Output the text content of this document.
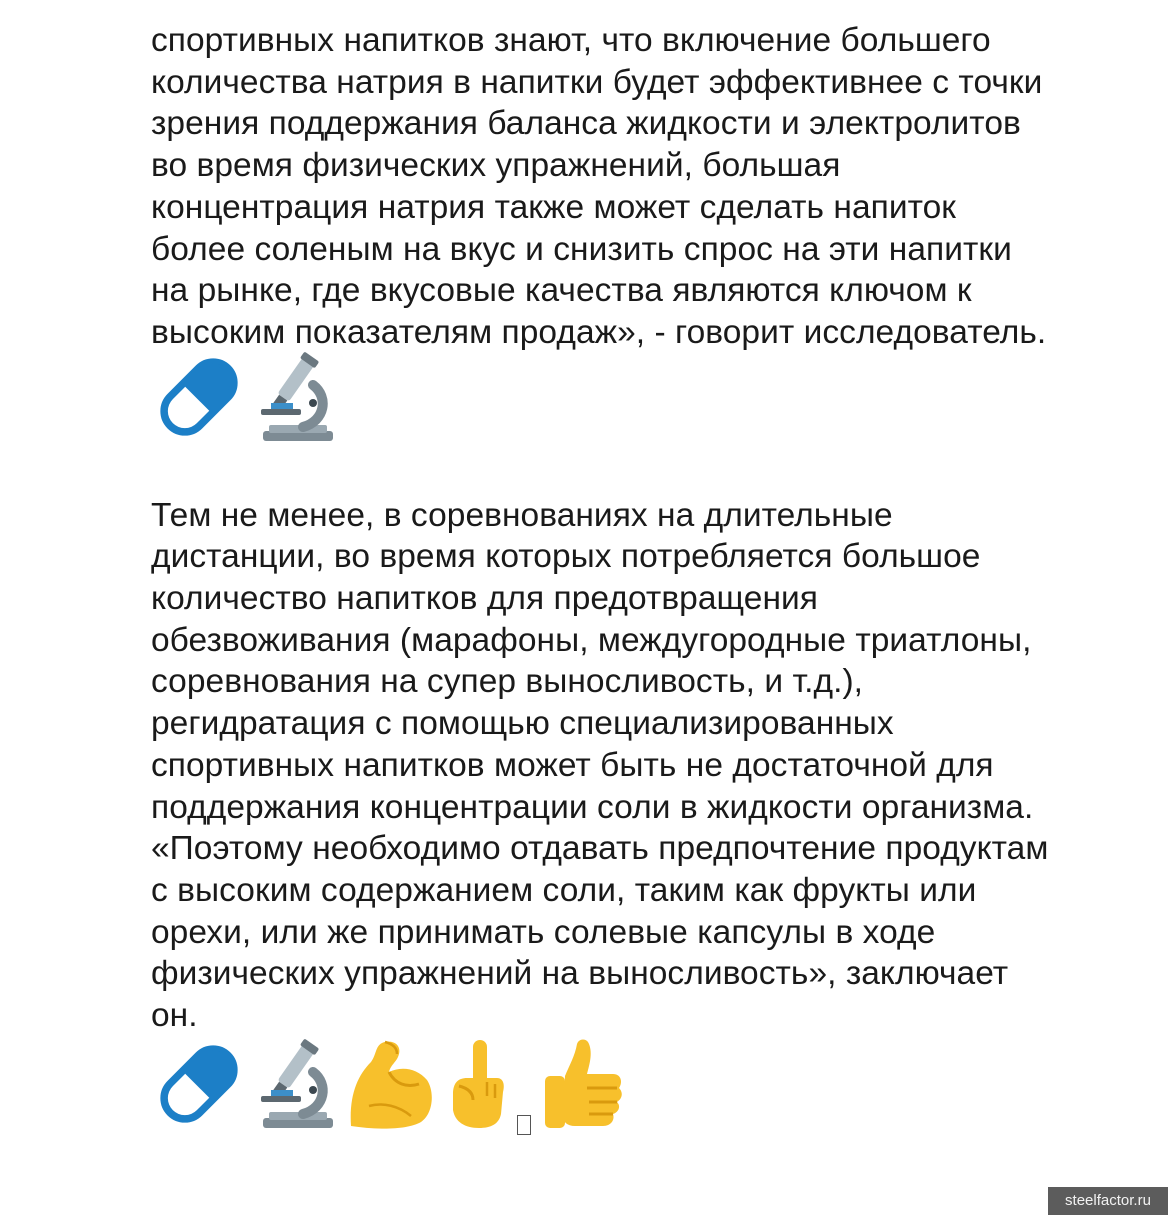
спортивных напитков знают, что включение большего
количества натрия в напитки будет эффективнее с точки
зрения поддержания баланса жидкости и электролитов
во время физических упражнений, большая
концентрация натрия также может сделать напиток
более соленым на вкус и снизить спрос на эти напитки
на рынке, где вкусовые качества являются ключом к
высоким показателям продаж», - говорит исследователь.
Тем не менее, в соревнованиях на длительные
дистанции, во время которых потребляется большое
количество напитков для предотвращения
обезвоживания (марафоны, междугородные триатлоны,
соревнования на супер выносливость, и т.д.),
регидратация с помощью специализированных
спортивных напитков может быть не достаточной для
поддержания концентрации соли в жидкости организма.
«Поэтому необходимо отдавать предпочтение продуктам
с высоким содержанием соли, таким как фрукты или
орехи, или же принимать солевые капсулы в ходе
физических упражнений на выносливость», заключает
он.
steelfactor.ru
